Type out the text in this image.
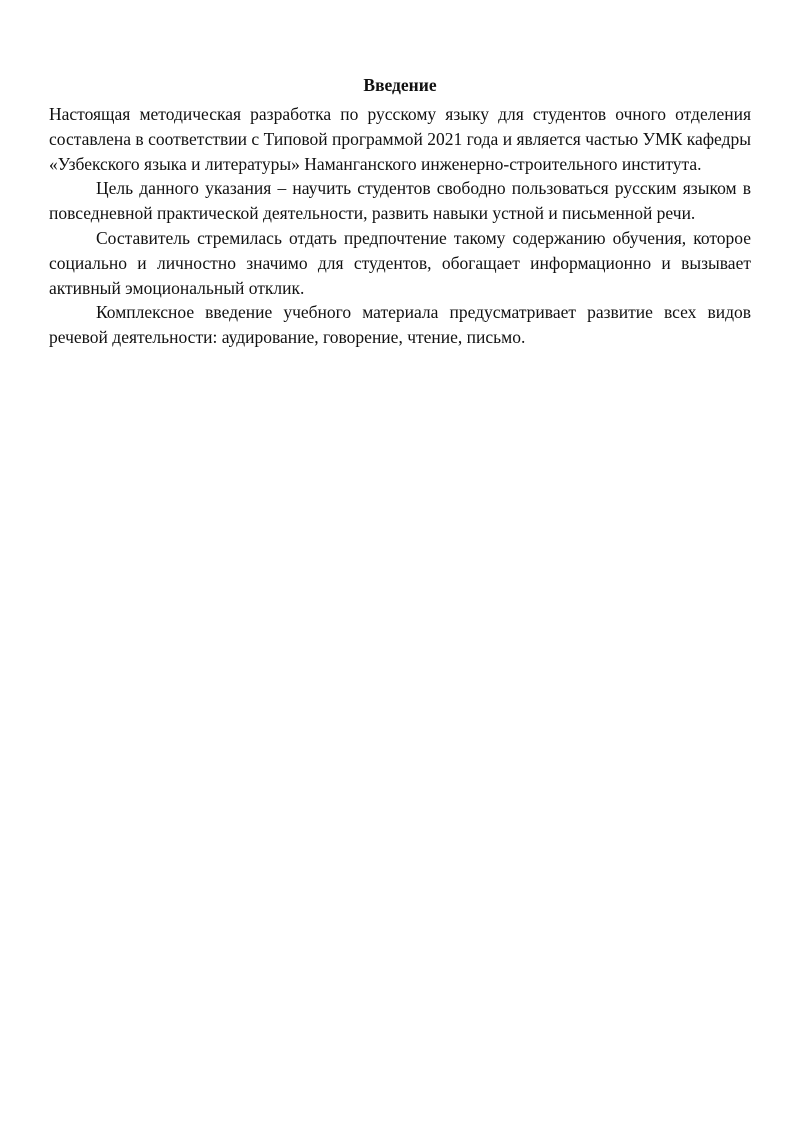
Введение

Настоящая методическая разработка по русскому языку для студентов очного отделения составлена в соответствии с Типовой программой 2021 года и является частью УМК кафедры «Узбекского языка и литературы» Наманганского инженерно-строительного института.

Цель данного указания – научить студентов свободно пользоваться русским языком в повседневной практической деятельности, развить навыки устной и письменной речи.

Составитель стремилась отдать предпочтение такому содержанию обучения, которое социально и личностно значимо для студентов, обогащает информационно и вызывает активный эмоциональный отклик.

Комплексное введение учебного материала предусматривает развитие всех видов речевой деятельности: аудирование, говорение, чтение, письмо.
